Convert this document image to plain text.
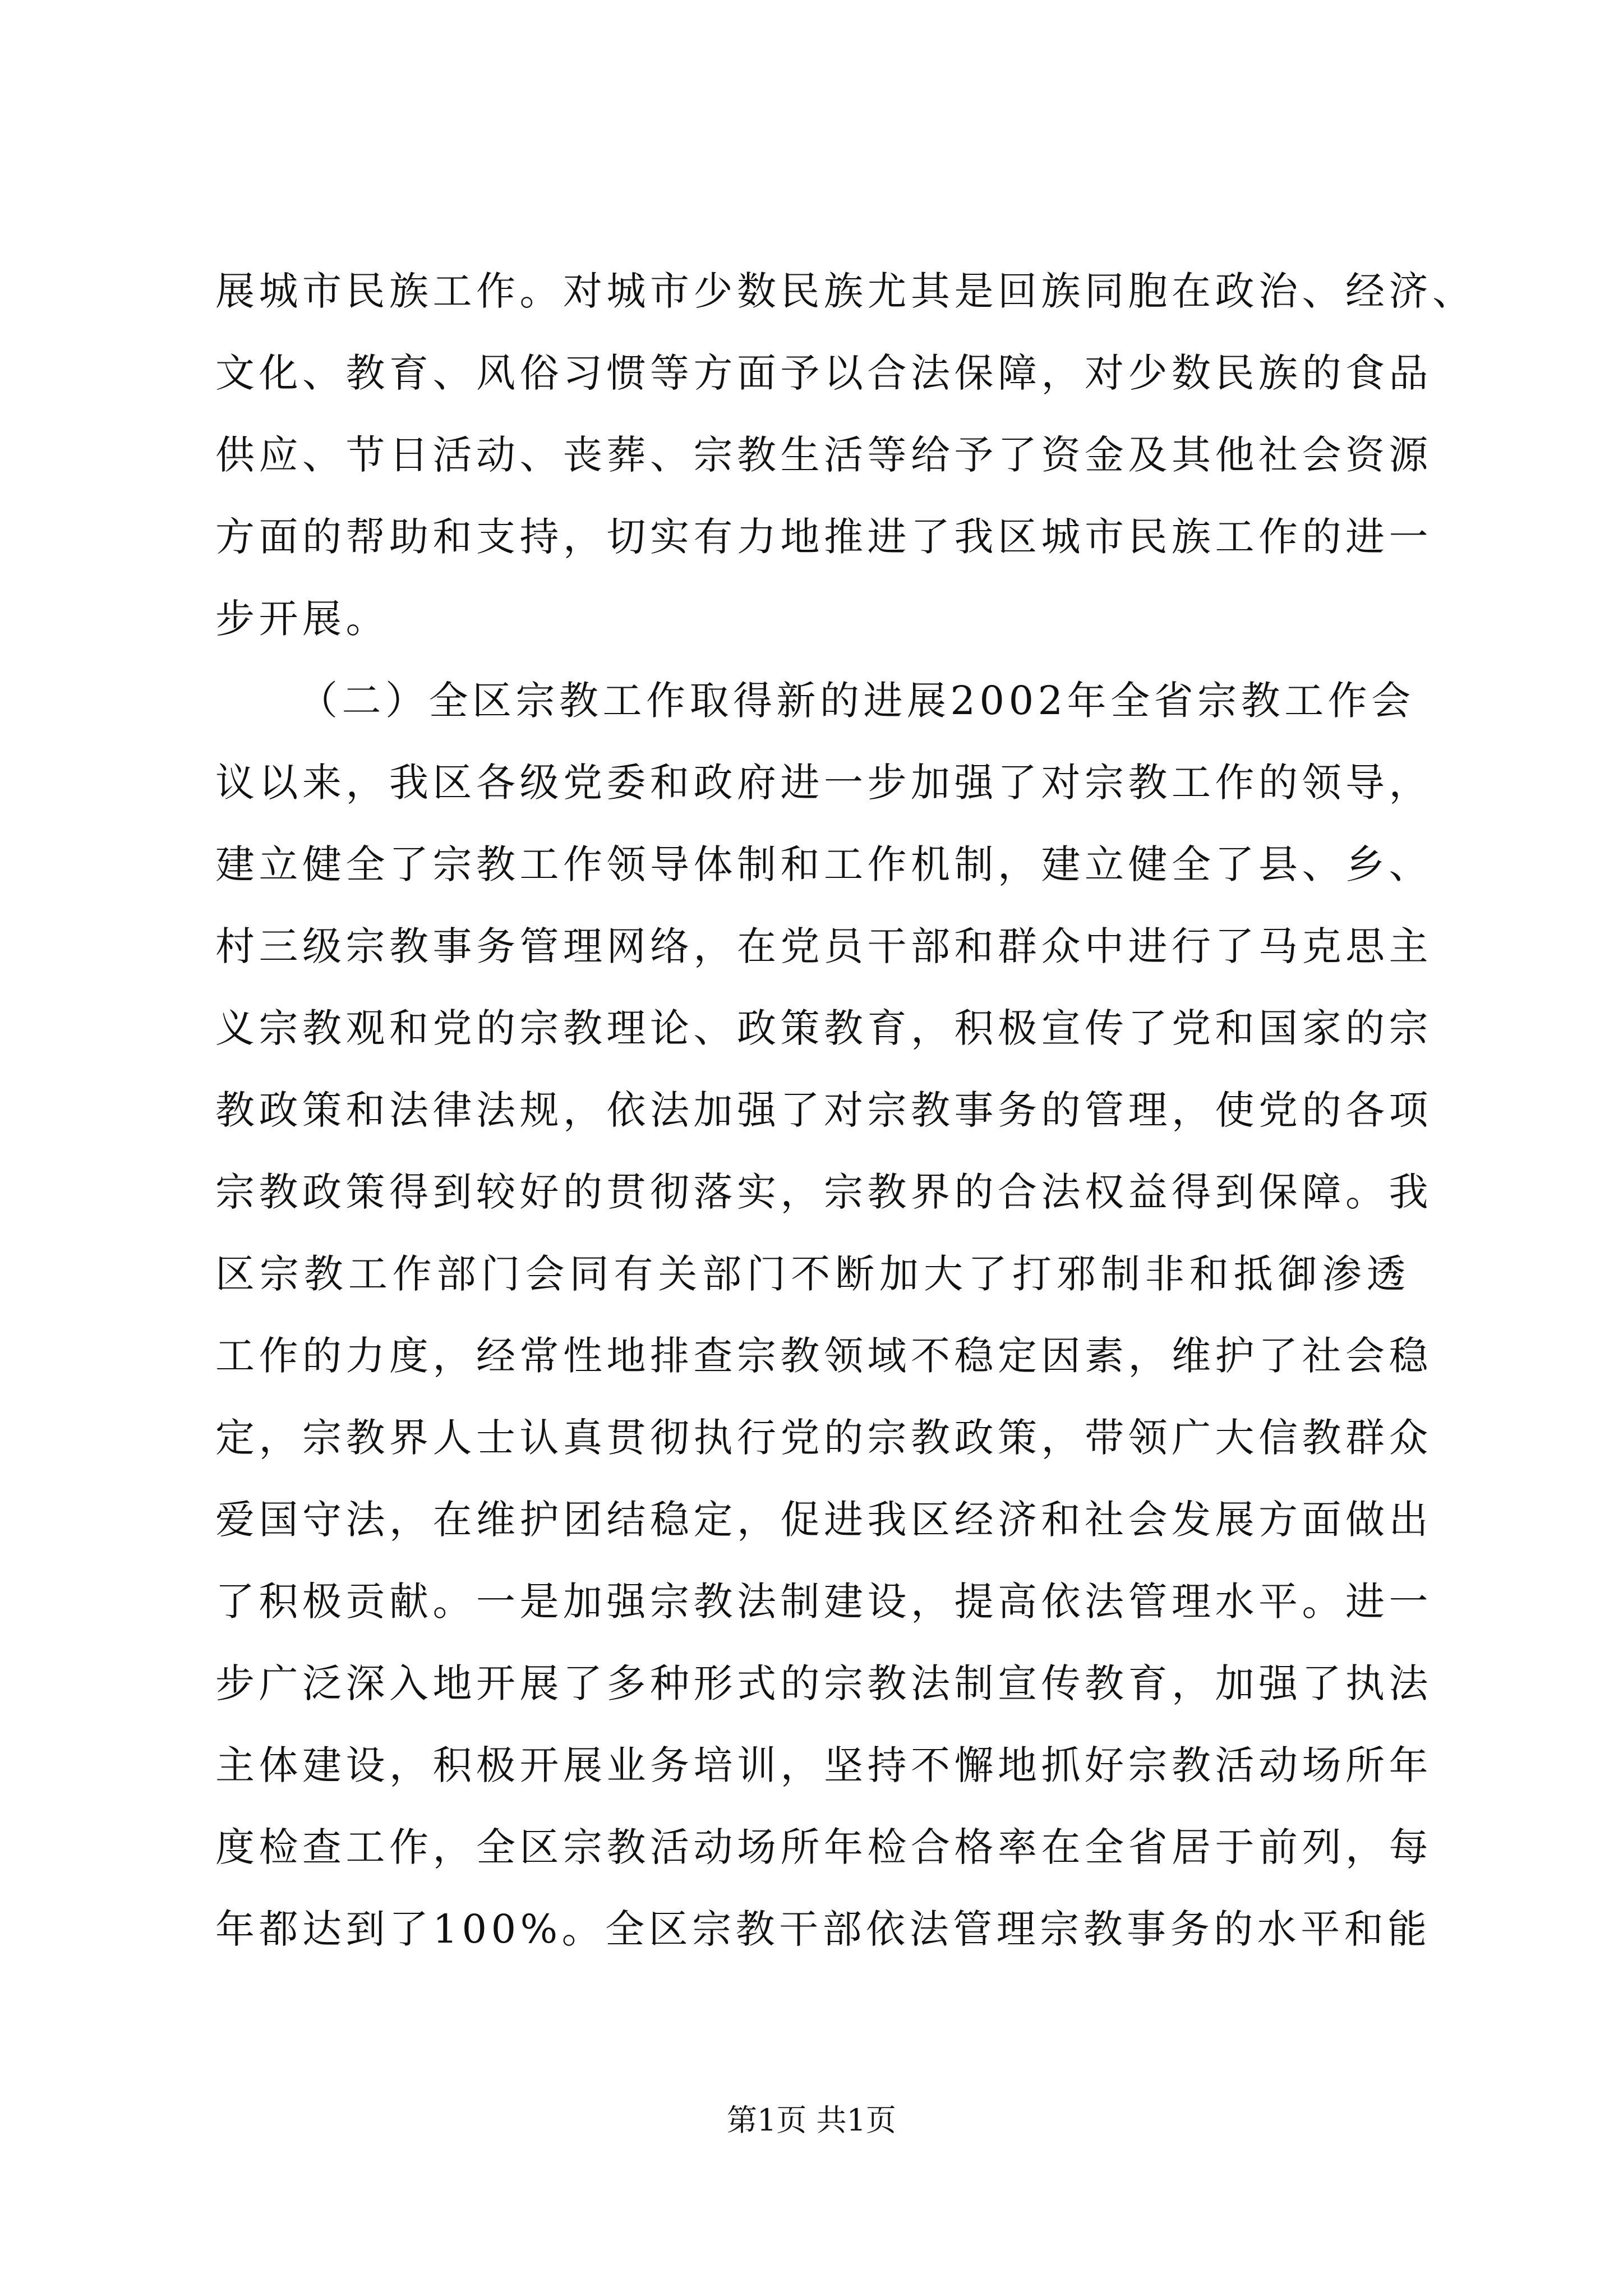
展城市民族工作。对城市少数民族尤其是回族同胞在政治、经济、
文化、教育、风俗习惯等方面予以合法保障，对少数民族的食品
供应、节日活动、丧葬、宗教生活等给予了资金及其他社会资源
方面的帮助和支持，切实有力地推进了我区城市民族工作的进一
步开展。
（二）全区宗教工作取得新的进展2002年全省宗教工作会
议以来，我区各级党委和政府进一步加强了对宗教工作的领导，
建立健全了宗教工作领导体制和工作机制，建立健全了县、乡、
村三级宗教事务管理网络，在党员干部和群众中进行了马克思主
义宗教观和党的宗教理论、政策教育，积极宣传了党和国家的宗
教政策和法律法规，依法加强了对宗教事务的管理，使党的各项
宗教政策得到较好的贯彻落实，宗教界的合法权益得到保障。我
区宗教工作部门会同有关部门不断加大了打邪制非和抵御渗透
工作的力度，经常性地排查宗教领域不稳定因素，维护了社会稳
定，宗教界人士认真贯彻执行党的宗教政策，带领广大信教群众
爱国守法，在维护团结稳定，促进我区经济和社会发展方面做出
了积极贡献。一是加强宗教法制建设，提高依法管理水平。进一
步广泛深入地开展了多种形式的宗教法制宣传教育，加强了执法
主体建设，积极开展业务培训，坚持不懈地抓好宗教活动场所年
度检查工作，全区宗教活动场所年检合格率在全省居于前列，每
年都达到了100%。全区宗教干部依法管理宗教事务的水平和能
第1页 共1页
